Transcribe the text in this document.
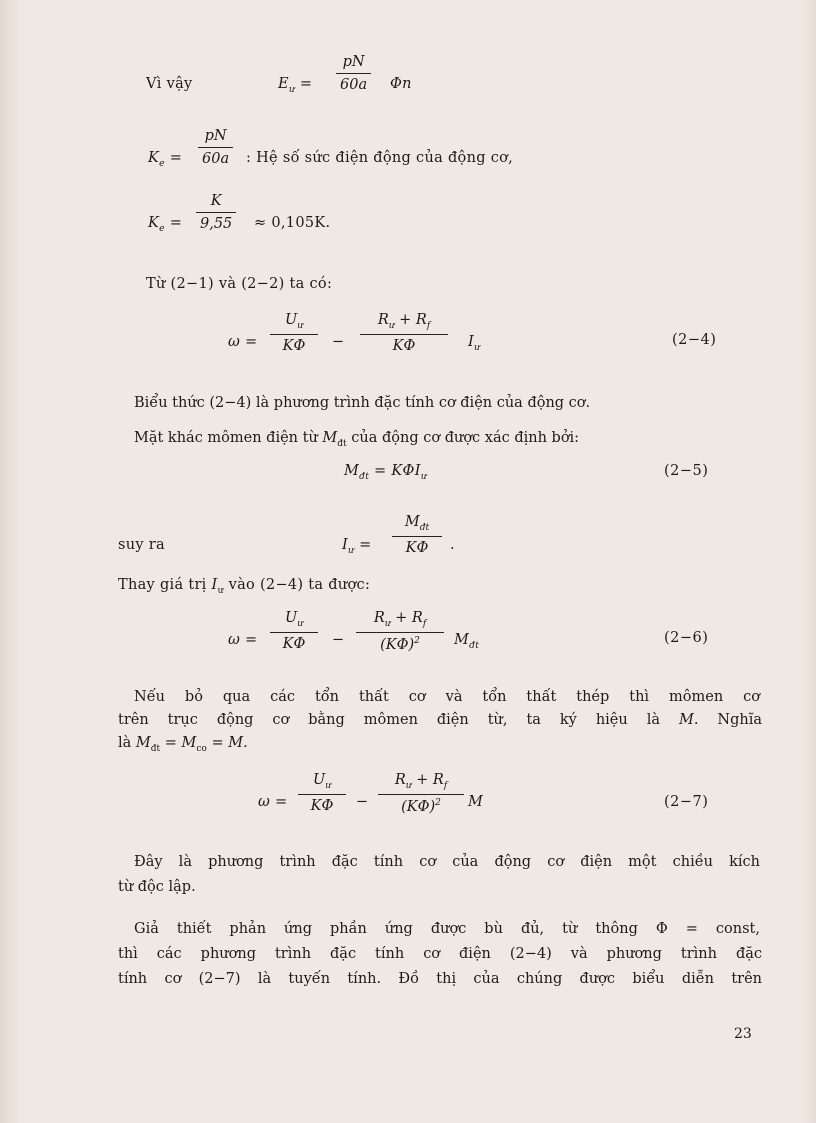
Vì vậy	$E_ư$ =
pN
60a Φn
$K_e$ =
pN
60a : Hệ số sức điện động của động cơ,
$K_e$ =
K
9,55 ≈ 0,105K.
Từ (2−1) và (2−2) ta có:
ω =
$U_ư$
KΦ −
$R_ư + R_f$
KΦ	$I_ư$	(2−4)
Biểu thức (2−4) là phương trình đặc tính cơ điện của động cơ.
Mặt khác mômen điện từ $M_{đt}$ của động cơ được xác định bởi:
$M_{đt} = K\Phi I_ư$	(2−5)
suy ra	$I_ư$ =
$M_{đt}$
KΦ .
Thay giá trị $I_ư$ vào (2−4) ta được:
ω =
$U_ư$
KΦ −
$R_ư + R_f$
$(K\Phi)^2$ $M_{đt}$	(2−6)
Nếu bỏ qua các tổn thất cơ và tổn thất thép thì mômen cơ
trên trục động cơ bằng mômen điện từ, ta ký hiệu là M. Nghĩa
là $M_{đt} = M_{co} = M$.
ω =
$U_ư$
KΦ −
$R_ư + R_f$
$(K\Phi)^2$ M	(2−7)
Đây là phương trình đặc tính cơ của động cơ điện một chiều kích
từ độc lập.
Giả thiết phản ứng phần ứng được bù đủ, từ thông Φ = const,
thì các phương trình đặc tính cơ điện (2−4) và phương trình đặc
tính cơ (2−7) là tuyến tính. Đồ thị của chúng được biểu diễn trên
23
